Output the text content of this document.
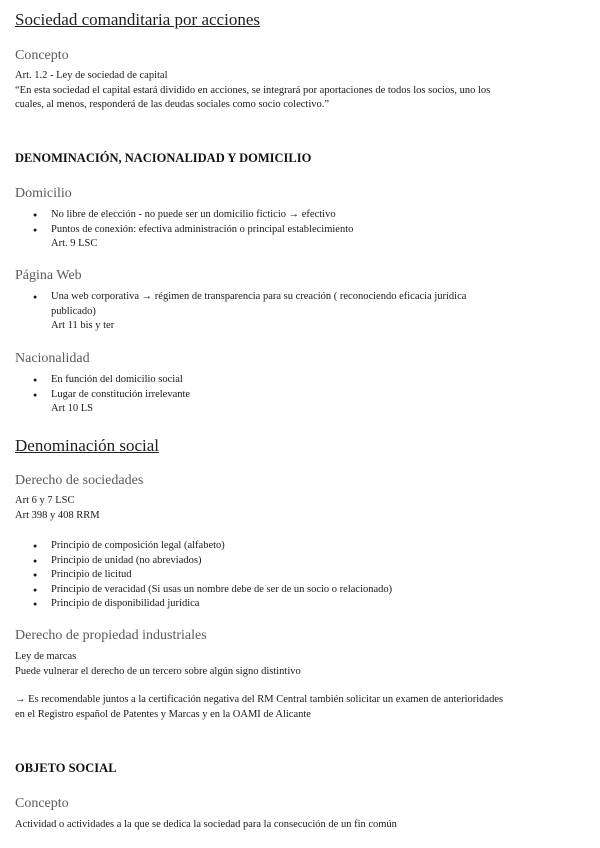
Sociedad comanditaria por acciones
Concepto
Art. 1.2 - Ley de sociedad de capital
“En esta sociedad el capital estará dividido en acciones, se integrará por aportaciones de todos los socios, uno los
cuales, al menos, responderá de las deudas sociales como socio colectivo.”
DENOMINACIÓN, NACIONALIDAD Y DOMICILIO
Domicilio
● No libre de elección - no puede ser un domicilio ficticio → efectivo
● Puntos de conexión: efectiva administración o principal establecimiento
Art. 9 LSC
Página Web
● Una web corporativa → régimen de transparencia para su creación ( reconociendo eficacia jurídica
publicado)
Art 11 bis y ter
Nacionalidad
● En función del domicilio social
● Lugar de constitución irrelevante
Art 10 LS
Denominación social
Derecho de sociedades
Art 6 y 7 LSC
Art 398 y 408 RRM
● Principio de composición legal (alfabeto)
● Principio de unidad (no abreviados)
● Principio de licitud
● Principio de veracidad (Si usas un nombre debe de ser de un socio o relacionado)
● Principio de disponibilidad jurídica
Derecho de propiedad industriales
Ley de marcas
Puede vulnerar el derecho de un tercero sobre algún signo distintivo
→ Es recomendable juntos a la certificación negativa del RM Central también solicitar un examen de anterioridades
en el Registro español de Patentes y Marcas y en la OAMI de Alicante
OBJETO SOCIAL
Concepto
Actividad o actividades a la que se dedica la sociedad para la consecución de un fin común
